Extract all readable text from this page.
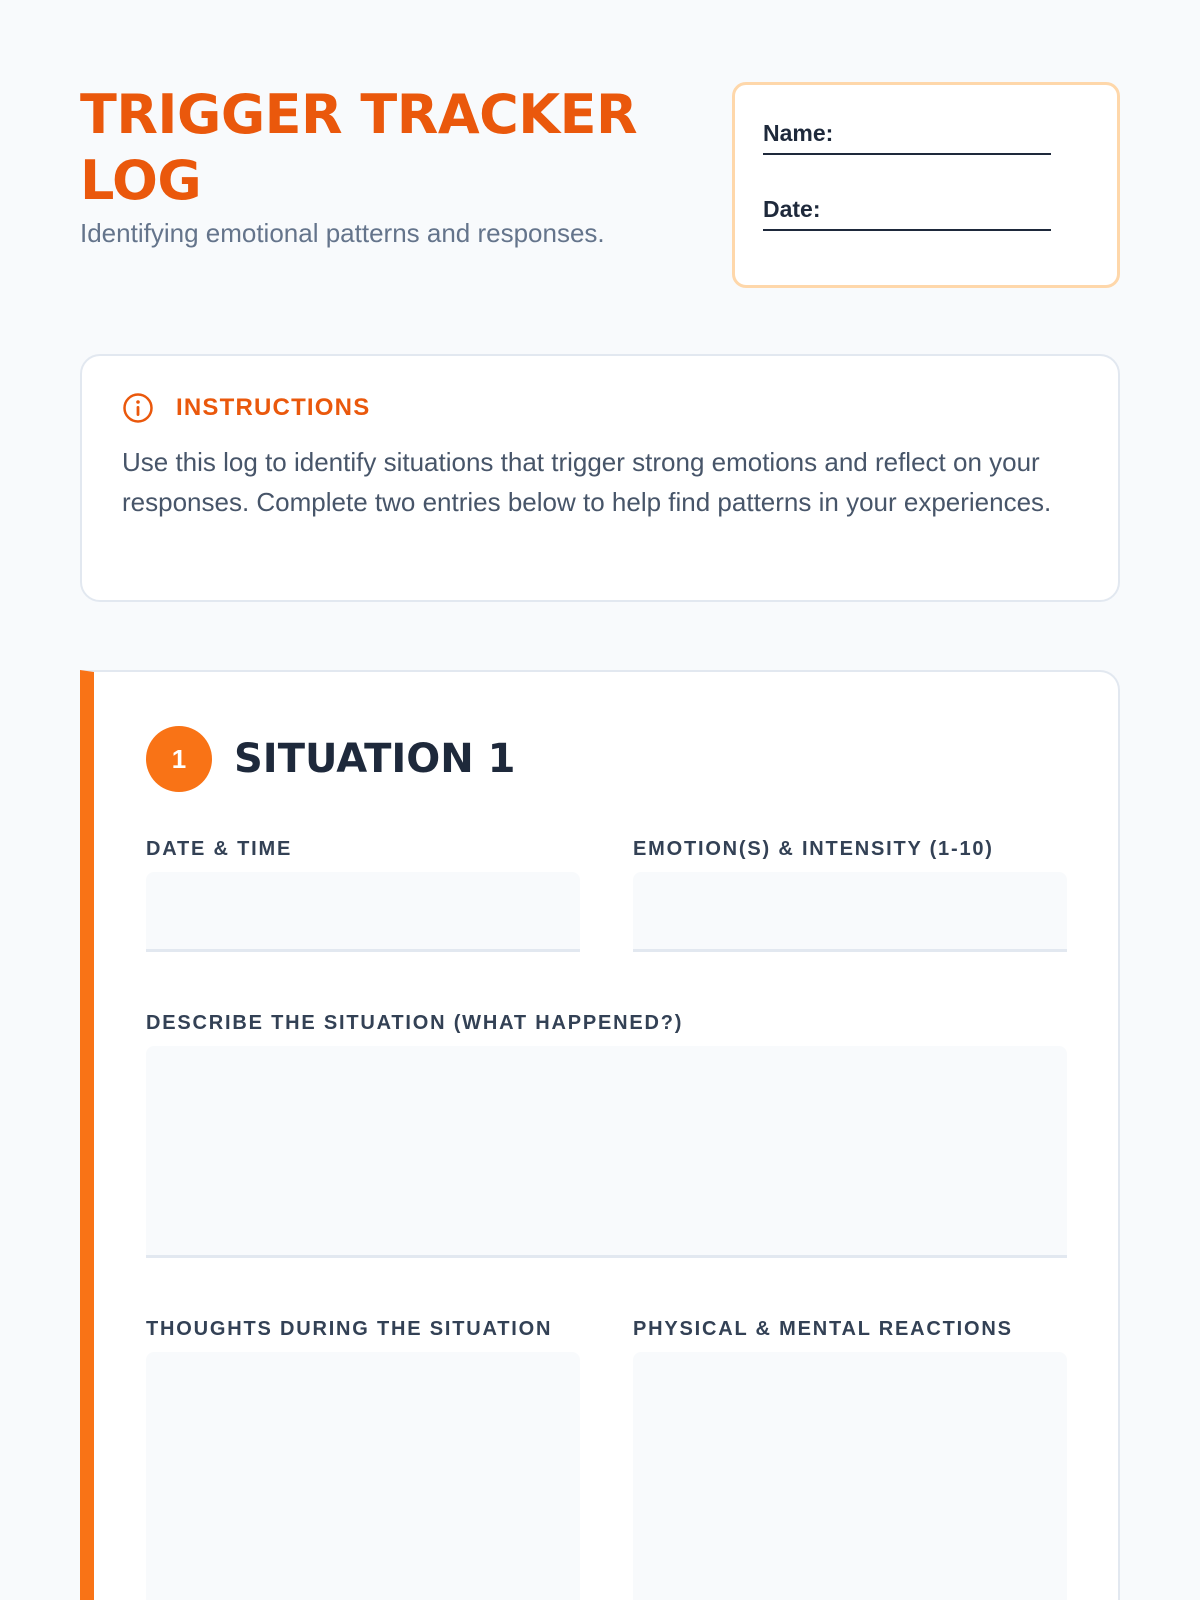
TRIGGER TRACKER LOG

Identifying emotional patterns and responses.

Name:
Date:
INSTRUCTIONS

Use this log to identify situations that trigger strong emotions and reflect on your responses. Complete two entries below to help find patterns in your experiences.

1	SITUATION 1
DATE & TIME	EMOTION(S) & INTENSITY (1-10)
DESCRIBE THE SITUATION (WHAT HAPPENED?)
THOUGHTS DURING THE SITUATION	PHYSICAL & MENTAL REACTIONS
